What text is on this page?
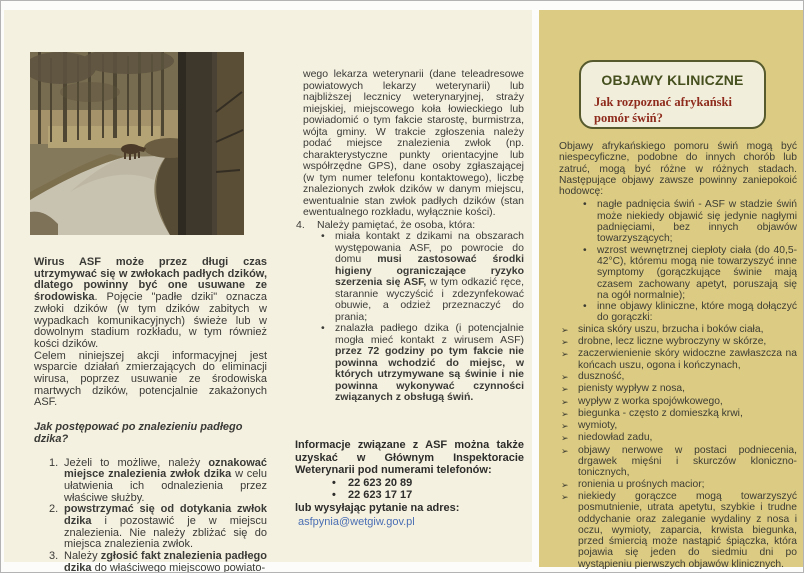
Wirus ASF może przez długi czas utrzymywać się w zwłokach padłych dzików, dlatego powinny być one usuwane ze środowiska. Pojęcie "padłe dziki" oznacza zwłoki dzików (w tym dzików zabitych w wypadkach komunikacyjnych) świeże lub w dowolnym stadium rozkładu, w tym również kości dzików.

Celem niniejszej akcji informacyjnej jest wsparcie działań zmierzających do eliminacji wirusa, poprzez usuwanie ze środowiska martwych dzików, potencjalnie zakażonych ASF.

Jak postępować po znalezieniu padłego dzika?

1. Jeżeli to możliwe, należy oznakować miejsce znalezienia zwłok dzika w celu ułatwienia ich odnalezienia przez właściwe służby.
2. powstrzymać się od dotykania zwłok dzika i pozostawić je w miejscu znalezienia. Nie należy zbliżać się do miejsca znalezienia zwłok.
3. Należy zgłosić fakt znalezienia padłego dzika do właściwego miejscowo powiato-

wego lekarza weterynarii (dane teleadresowe powiatowych lekarzy weterynarii) lub najbliższej lecznicy weterynaryjnej, straży miejskiej, miejscowego koła łowieckiego lub powiadomić o tym fakcie starostę, burmistrza, wójta gminy. W trakcie zgłoszenia należy podać miejsce znalezienia zwłok (np. charakterystyczne punkty orientacyjne lub współrzędne GPS), dane osoby zgłaszającej (w tym numer telefonu kontaktowego), liczbę znalezionych zwłok dzików w danym miejscu, ewentualnie stan zwłok padłych dzików (stan ewentualnego rozkładu, wyłącznie kości).

4.	Należy pamiętać, że osoba, która:
• miała kontakt z dzikami na obszarach występowania ASF, po powrocie do domu musi zastosować środki higieny ograniczające ryzyko szerzenia się ASF, w tym odkazić ręce, starannie wyczyścić i zdezynfekować obuwie, a odzież przeznaczyć do prania;
• znalazła padłego dzika (i potencjalnie mogła mieć kontakt z wirusem ASF) przez 72 godziny po tym fakcie nie powinna wchodzić do miejsc, w których utrzymywane są świnie i nie powinna wykonywać czynności związanych z obsługą świń.

Informacje związane z ASF można także uzyskać w Głównym Inspektoracie Weterynarii pod numerami telefonów:

•	22 623 20 89
•	22 623 17 17

lub wysyłając pytanie na adres:

asfpynia@wetgiw.gov.pl
OBJAWY KLINICZNE
Jak rozpoznać afrykański pomór świń?

Objawy afrykańskiego pomoru świń mogą być niespecyficzne, podobne do innych chorób lub zatruć, mogą być różne w różnych stadach. Następujące objawy zawsze powinny zaniepokoić hodowcę:

•	nagłe padnięcia świń - ASF w stadzie świń może niekiedy objawić się jedynie nagłymi padnięciami, bez innych objawów towarzyszących;
•	wzrost wewnętrznej ciepłoty ciała (do 40,5-42°C), któremu mogą nie towarzyszyć inne symptomy (gorączkujące świnie mają czasem zachowany apetyt, poruszają się na ogół normalnie);
•	inne objawy kliniczne, które mogą dołączyć do gorączki:
➢ sinica skóry uszu, brzucha i boków ciała,
➢ drobne, lecz liczne wybroczyny w skórze,
➢ zaczerwienienie skóry widoczne zawłaszcza na końcach uszu, ogona i kończynach,
➢ duszność,
➢ pienisty wypływ z nosa,
➢ wypływ z worka spojówkowego,
➢ biegunka - często z domieszką krwi,
➢ wymioty,
➢ niedowład zadu,
➢ objawy nerwowe w postaci podniecenia, drgawek mięśni i skurczów kloniczno-tonicznych,
➢ ronienia u prośnych macior;
➢ niekiedy gorączce mogą towarzyszyć posmutnienie, utrata apetytu, szybkie i trudne oddychanie oraz zaleganie wydaliny z nosa i oczu, wymioty, zaparcia, krwista biegunka, przed śmiercią może nastąpić śpiączka, która pojawia się jeden do siedmiu dni po wystąpieniu pierwszych objawów klinicznych.
